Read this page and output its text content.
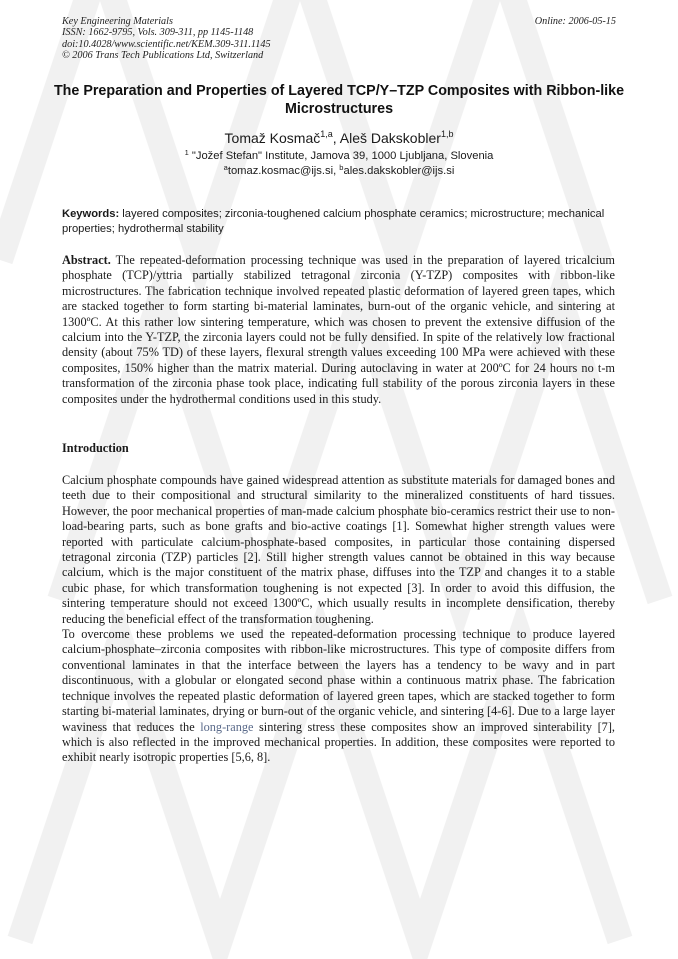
Key Engineering Materials
ISSN: 1662-9795, Vols. 309-311, pp 1145-1148
doi:10.4028/www.scientific.net/KEM.309-311.1145
© 2006 Trans Tech Publications Ltd, Switzerland
Online: 2006-05-15
The Preparation and Properties of Layered TCP/Y–TZP Composites with Ribbon-like Microstructures
Tomaž Kosmač$^{1,a}$, Aleš Dakskobler$^{1,b}$
$^1$ "Jožef Stefan" Institute, Jamova 39, 1000 Ljubljana, Slovenia
$^a$tomaz.kosmac@ijs.si, $^b$ales.dakskobler@ijs.si
Keywords: layered composites; zirconia-toughened calcium phosphate ceramics; microstructure; mechanical properties; hydrothermal stability
Abstract. The repeated-deformation processing technique was used in the preparation of layered tricalcium phosphate (TCP)/yttria partially stabilized tetragonal zirconia (Y-TZP) composites with ribbon-like microstructures. The fabrication technique involved repeated plastic deformation of layered green tapes, which are stacked together to form starting bi-material laminates, burn-out of the organic vehicle, and sintering at 1300ºC. At this rather low sintering temperature, which was chosen to prevent the extensive diffusion of the calcium into the Y-TZP, the zirconia layers could not be fully densified. In spite of the relatively low fractional density (about 75% TD) of these layers, flexural strength values exceeding 100 MPa were achieved with these composites, 150% higher than the matrix material. During autoclaving in water at 200ºC for 24 hours no t-m transformation of the zirconia phase took place, indicating full stability of the porous zirconia layers in these composites under the hydrothermal conditions used in this study.
Introduction

Calcium phosphate compounds have gained widespread attention as substitute materials for damaged bones and teeth due to their compositional and structural similarity to the mineralized constituents of hard tissues. However, the poor mechanical properties of man-made calcium phosphate bio-ceramics restrict their use to non-load-bearing parts, such as bone grafts and bio-active coatings [1]. Somewhat higher strength values were reported with particulate calcium-phosphate-based composites, in particular those containing dispersed tetragonal zirconia (TZP) particles [2]. Still higher strength values cannot be obtained in this way because calcium, which is the major constituent of the matrix phase, diffuses into the TZP and changes it to a stable cubic phase, for which transformation toughening is not expected [3]. In order to avoid this diffusion, the sintering temperature should not exceed 1300ºC, which usually results in incomplete densification, thereby reducing the beneficial effect of the transformation toughening.

To overcome these problems we used the repeated-deformation processing technique to produce layered calcium-phosphate–zirconia composites with ribbon-like microstructures. This type of composite differs from conventional laminates in that the interface between the layers has a tendency to be wavy and in part discontinuous, with a globular or elongated second phase within a continuous matrix phase. The fabrication technique involves the repeated plastic deformation of layered green tapes, which are stacked together to form starting bi-material laminates, drying or burn-out of the organic vehicle, and sintering [4-6]. Due to a large layer waviness that reduces the long-range sintering stress these composites show an improved sinterability [7], which is also reflected in the improved mechanical properties. In addition, these composites were reported to exhibit nearly isotropic properties [5,6, 8].
